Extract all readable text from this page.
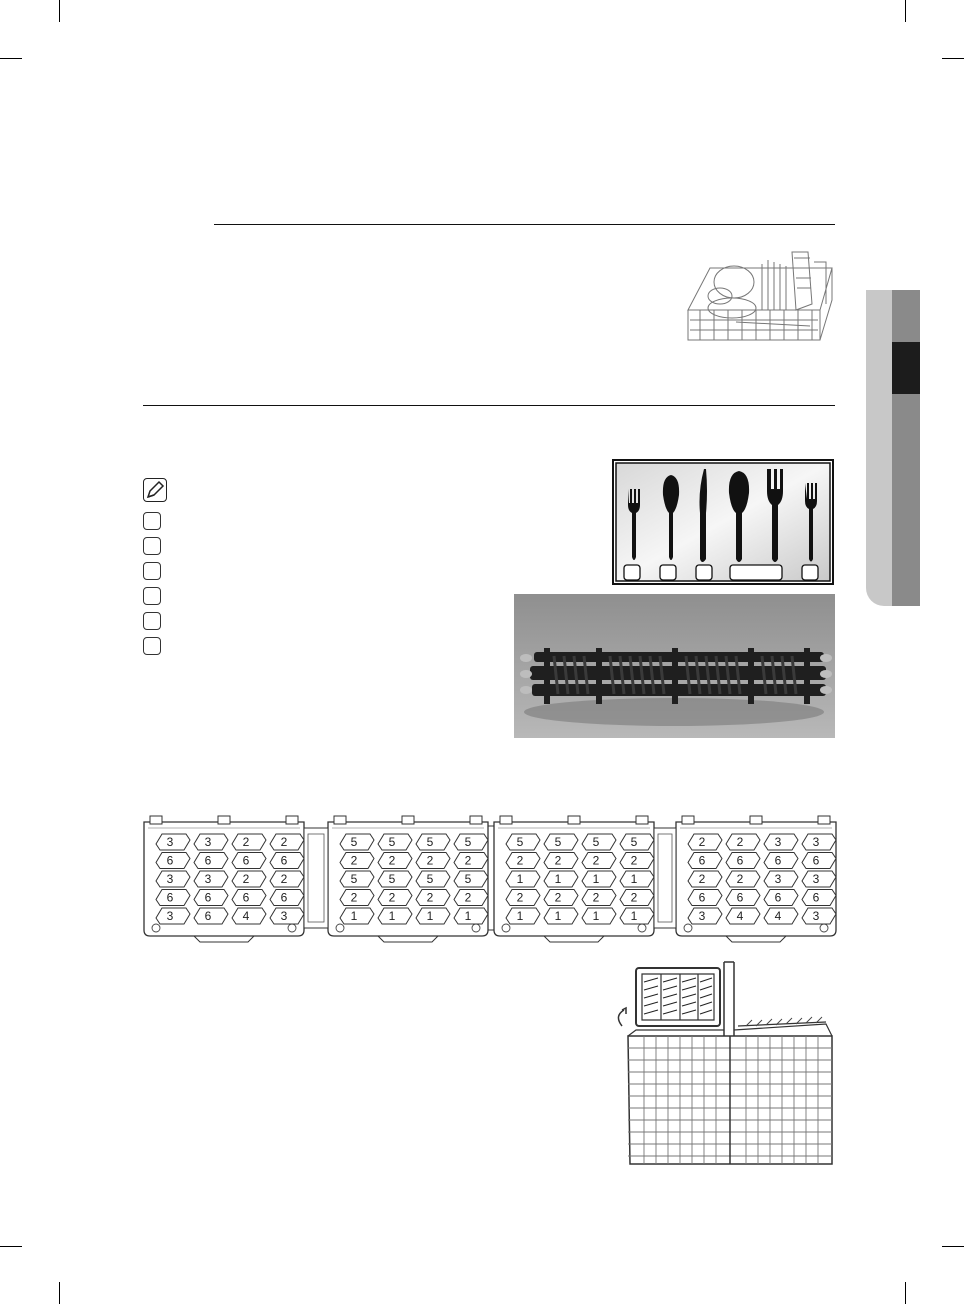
3
6
3
6
3
3
6
3
6
6
2
6
2
6
4
2
6
2
6
3
5
2
5
2
1
5
2
5
2
1
5
2
5
2
1
5
2
5
2
1
5
2
1
2
1
5
2
1
2
1
5
2
1
2
1
5
2
1
2
1
2
6
2
6
3
2
6
2
6
4
3
6
3
6
4
3
6
3
6
3
